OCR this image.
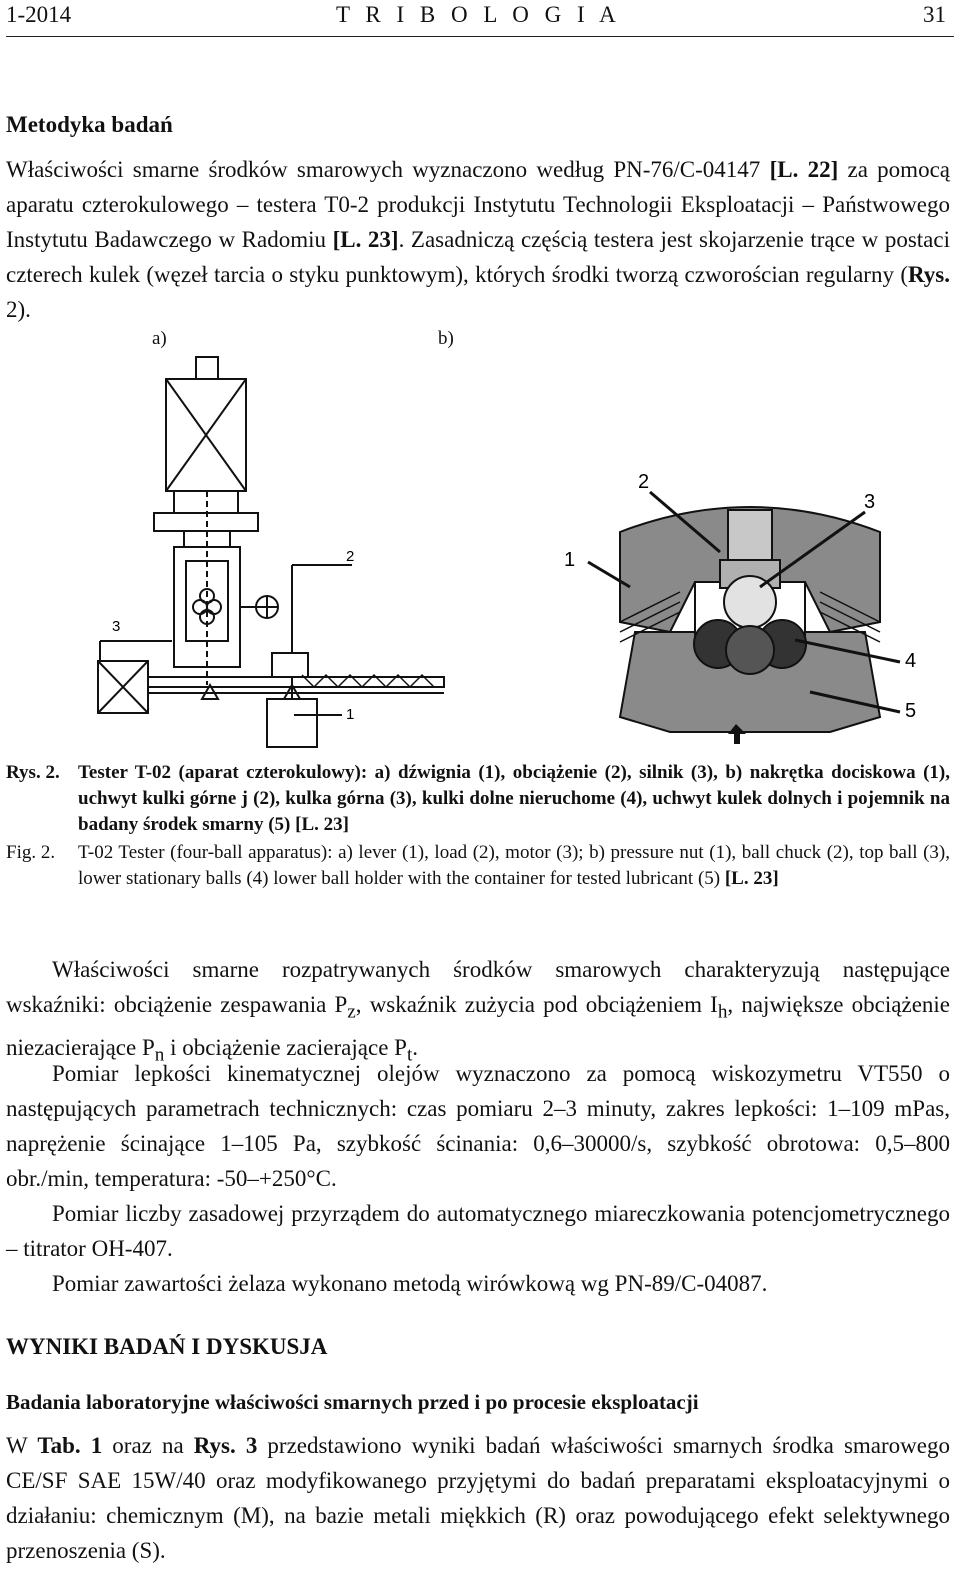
1-2014	T R I B O L O G I A	31
Metodyka badań

Właściwości smarne środków smarowych wyznaczono według PN-76/C-04147 [L. 22] za pomocą aparatu czterokulowego – testera T0-2 produkcji Instytutu Technologii Eksploatacji – Państwowego Instytutu Badawczego w Radomiu [L. 23]. Zasadniczą częścią testera jest skojarzenie trące w postaci czterech kulek (węzeł tarcia o styku punktowym), których środki tworzą czworościan regularny (Rys. 2).

a)	b)
2
3
1
1
2
3
4
5
Rys. 2. Tester T-02 (aparat czterokulowy): a) dźwignia (1), obciążenie (2), silnik (3), b) nakrętka dociskowa (1), uchwyt kulki górne j (2), kulka górna (3), kulki dolne nieruchome (4), uchwyt kulek dolnych i pojemnik na badany środek smarny (5) [L. 23]
Fig. 2.	T-02 Tester (four-ball apparatus): a) lever (1), load (2), motor (3); b) pressure nut (1), ball chuck (2), top ball (3), lower stationary balls (4) lower ball holder with the container for tested lubricant (5) [L. 23]

Właściwości smarne rozpatrywanych środków smarowych charakteryzują następujące wskaźniki: obciążenie zespawania $P_z$, wskaźnik zużycia pod obciążeniem $I_h$, największe obciążenie niezacierające $P_n$ i obciążenie zacierające $P_t$.

Pomiar lepkości kinematycznej olejów wyznaczono za pomocą wiskozymetru VT550 o następujących parametrach technicznych: czas pomiaru 2–3 minuty, zakres lepkości: 1–109 mPas, naprężenie ścinające 1–105 Pa, szybkość ścinania: 0,6–30000/s, szybkość obrotowa: 0,5–800 obr./min, temperatura: -50–+250°C.

Pomiar liczby zasadowej przyrządem do automatycznego miareczkowania potencjometrycznego – titrator OH-407.

Pomiar zawartości żelaza wykonano metodą wirówkową wg PN-89/C-04087.

WYNIKI BADAŃ I DYSKUSJA
Badania laboratoryjne właściwości smarnych przed i po procesie eksploatacji

W Tab. 1 oraz na Rys. 3 przedstawiono wyniki badań właściwości smarnych środka smarowego CE/SF SAE 15W/40 oraz modyfikowanego przyjętymi do badań preparatami eksploatacyjnymi o działaniu: chemicznym (M), na bazie metali miękkich (R) oraz powodującego efekt selektywnego przenoszenia (S).
